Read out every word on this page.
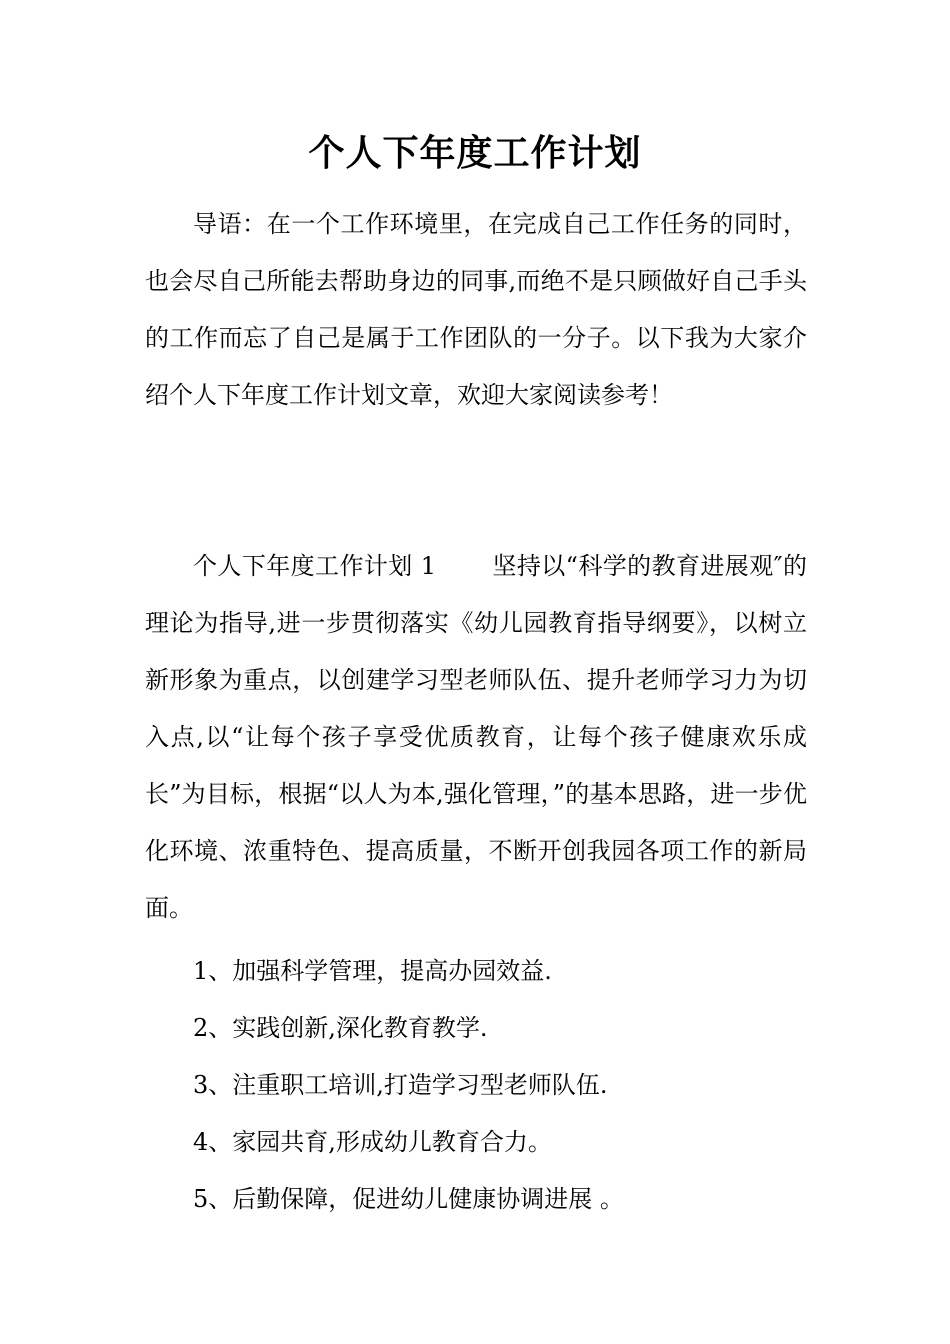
个人下年度工作计划

导语：在一个工作环境里，在完成自己工作任务的同时，也会尽自己所能去帮助身边的同事,而绝不是只顾做好自己手头的工作而忘了自己是属于工作团队的一分子。以下我为大家介绍个人下年度工作计划文章，欢迎大家阅读参考！

个人下年度工作计划 1 坚持以“科学的教育进展观″的理论为指导,进一步贯彻落实《幼儿园教育指导纲要》，以树立新形象为重点，以创建学习型老师队伍、提升老师学习力为切入点,以“让每个孩子享受优质教育，让每个孩子健康欢乐成长”为目标，根据“以人为本,强化管理，”的基本思路，进一步优化环境、浓重特色、提高质量，不断开创我园各项工作的新局面。

1、加强科学管理，提高办园效益.
2、实践创新,深化教育教学.
3、注重职工培训,打造学习型老师队伍.
4、家园共育,形成幼儿教育合力。
5、后勤保障，促进幼儿健康协调进展 。
